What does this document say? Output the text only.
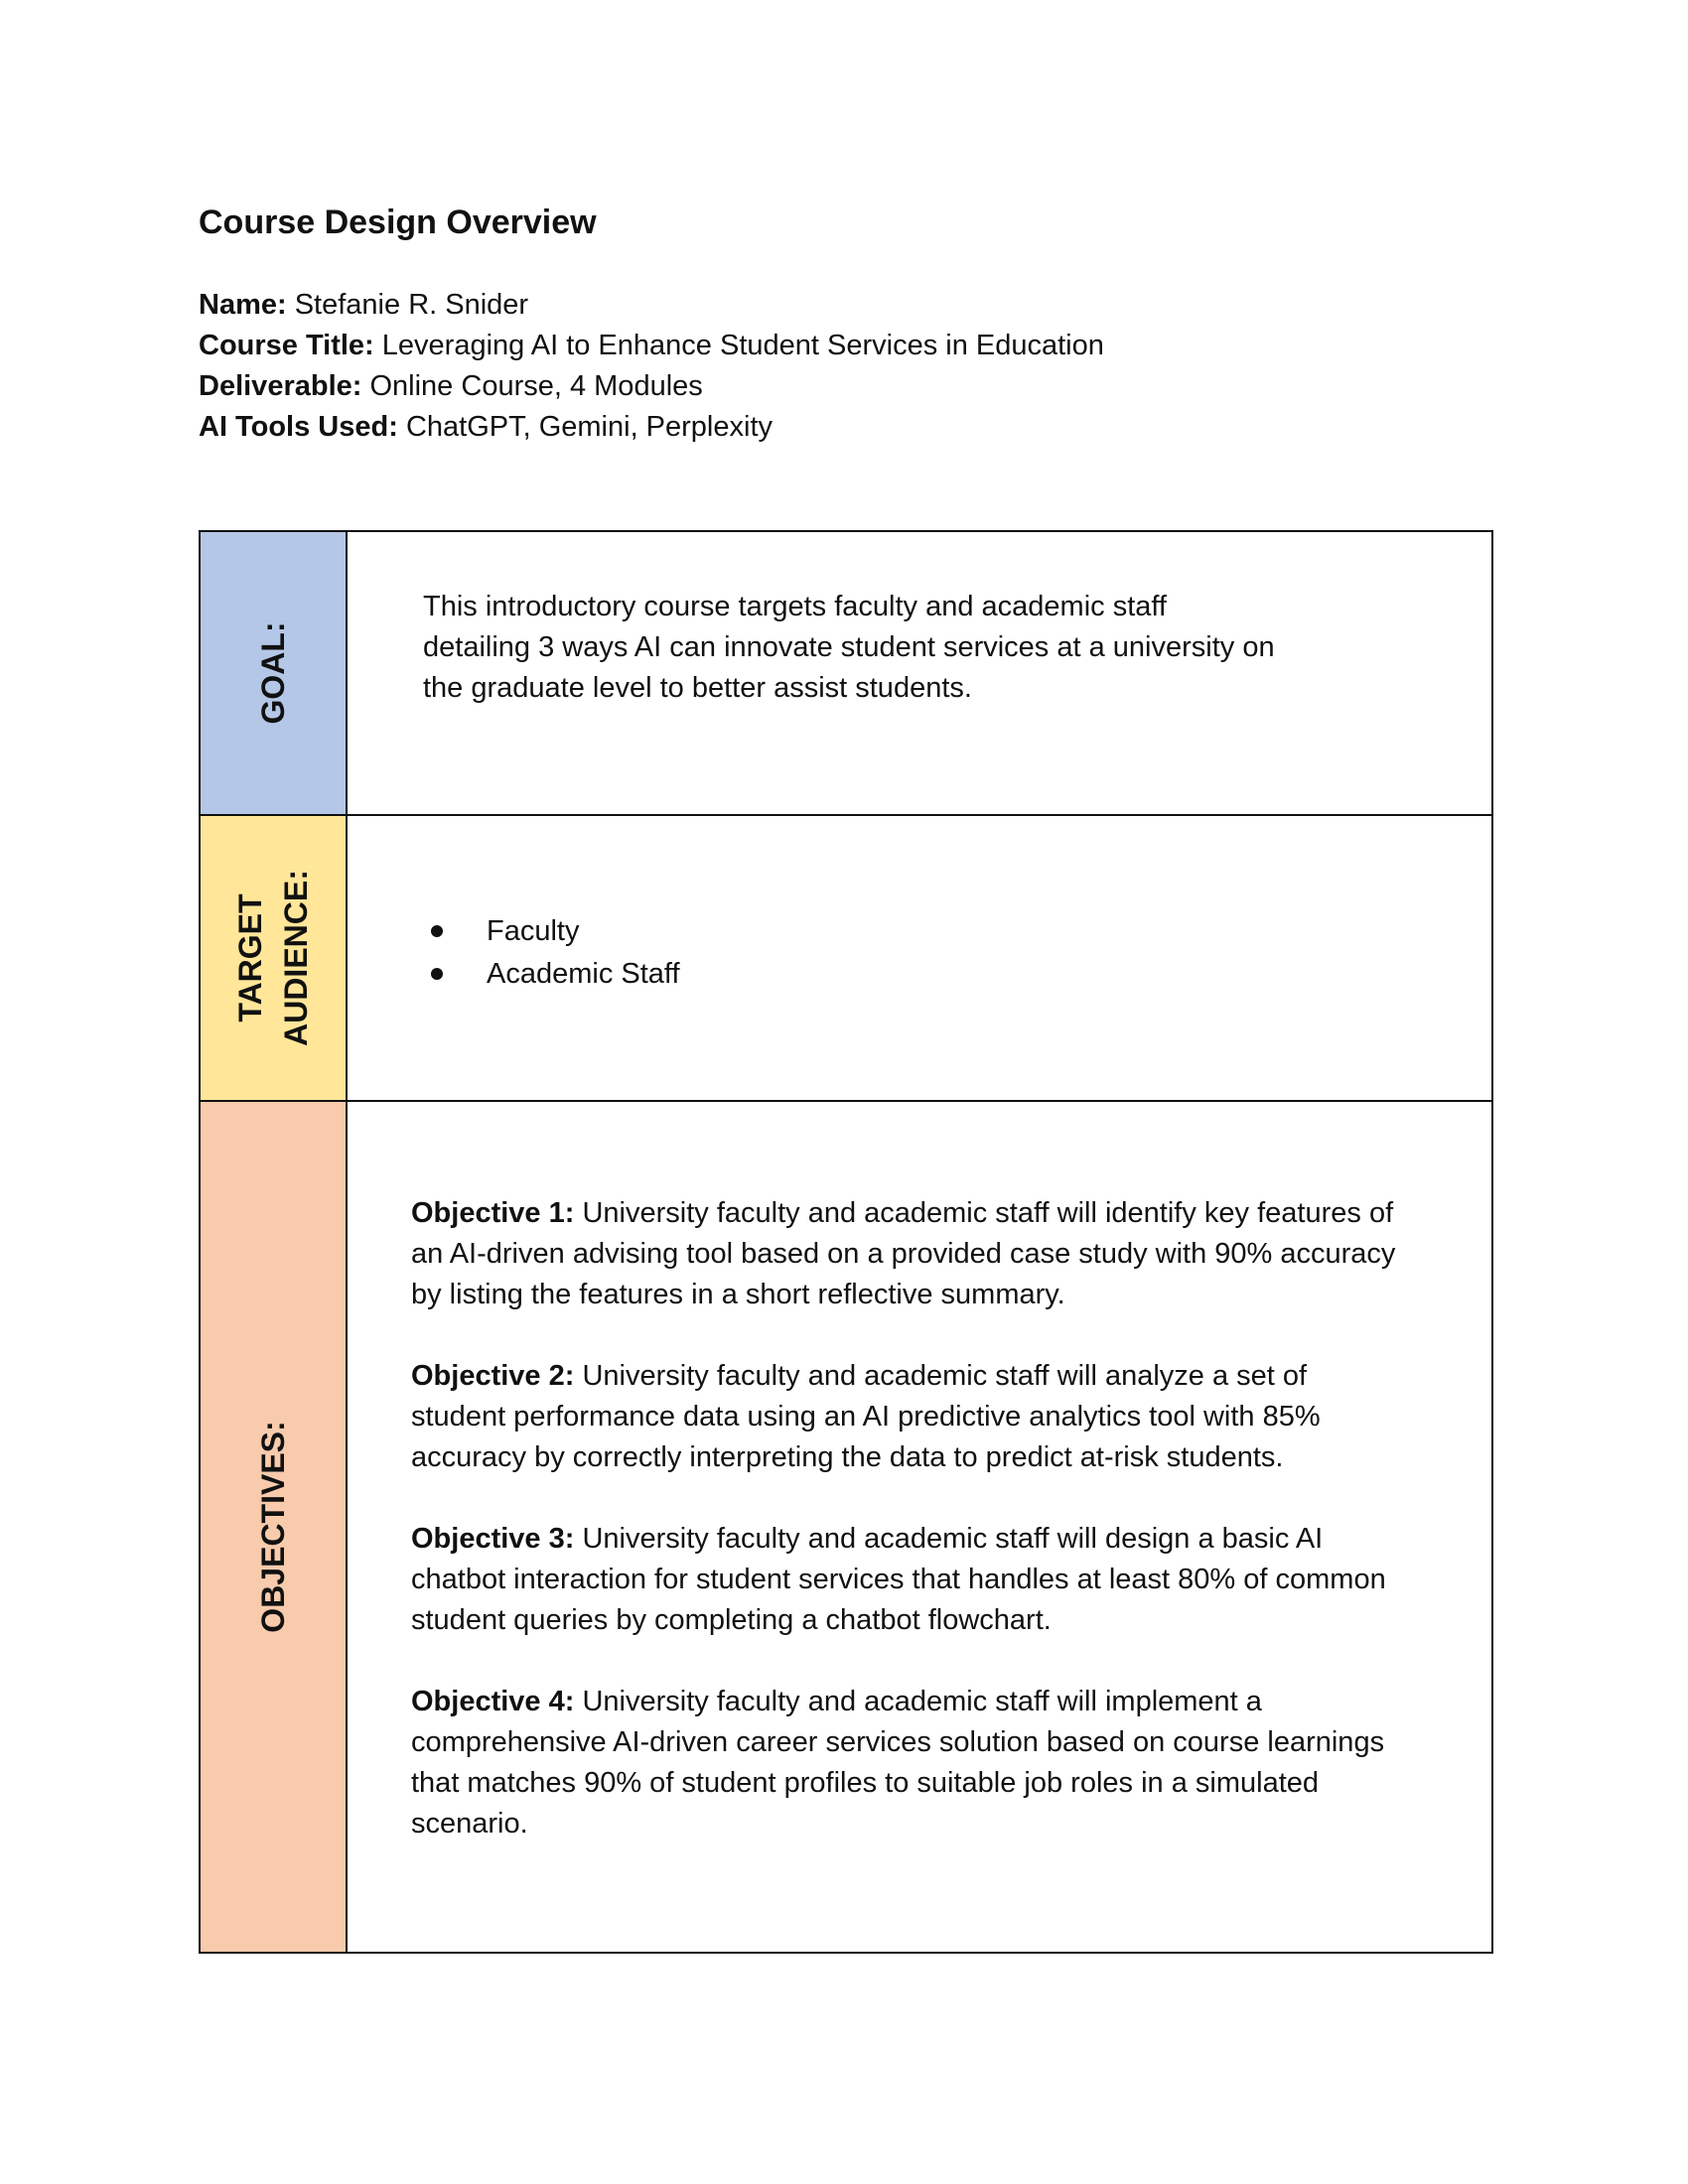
Course Design Overview
Name: Stefanie R. Snider
Course Title: Leveraging AI to Enhance Student Services in Education
Deliverable: Online Course, 4 Modules
AI Tools Used: ChatGPT, Gemini, Perplexity
GOAL:
This introductory course targets faculty and academic staff detailing 3 ways AI can innovate student services at a university on the graduate level to better assist students.
TARGET AUDIENCE:	Faculty
Academic Staff
OBJECTIVES:

Objective 1: University faculty and academic staff will identify key features of an AI-driven advising tool based on a provided case study with 90% accuracy by listing the features in a short reflective summary.

Objective 2: University faculty and academic staff will analyze a set of student performance data using an AI predictive analytics tool with 85% accuracy by correctly interpreting the data to predict at-risk students.

Objective 3: University faculty and academic staff will design a basic AI chatbot interaction for student services that handles at least 80% of common student queries by completing a chatbot flowchart.

Objective 4: University faculty and academic staff will implement a comprehensive AI-driven career services solution based on course learnings that matches 90% of student profiles to suitable job roles in a simulated scenario.
